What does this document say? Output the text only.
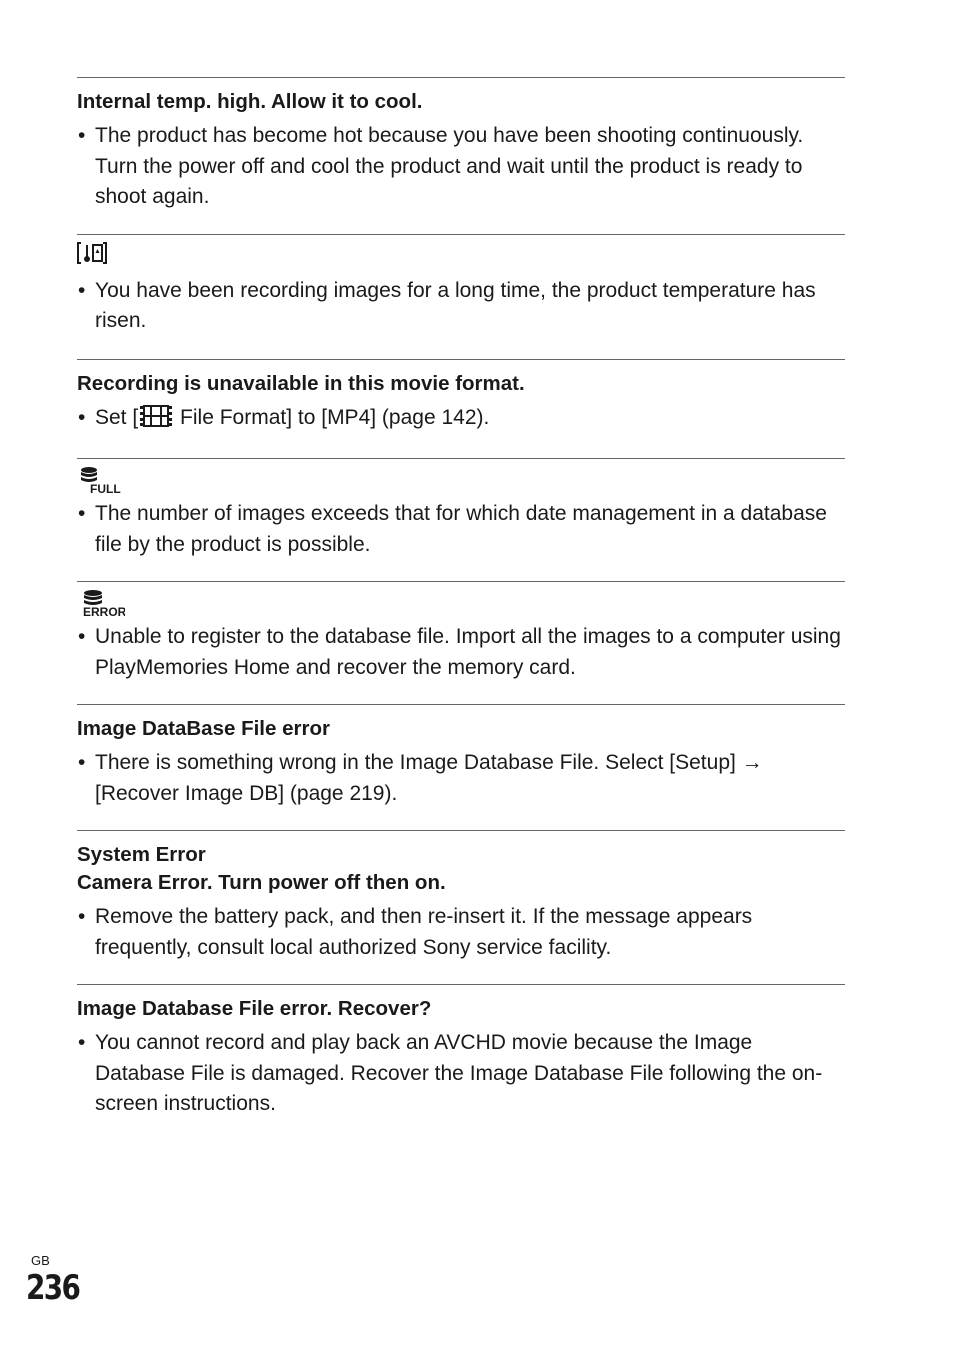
Internal temp. high. Allow it to cool.
• The product has become hot because you have been shooting continuously.
Turn the power off and cool the product and wait until the product is ready to shoot again.
• You have been recording images for a long time, the product temperature has risen.
Recording is unavailable in this movie format.
• Set [ File Format] to [MP4] (page 142).
FULL
• The number of images exceeds that for which date management in a database file by the product is possible.
ERROR
• Unable to register to the database file. Import all the images to a computer using PlayMemories Home and recover the memory card.
Image DataBase File error
• There is something wrong in the Image Database File. Select [Setup] → [Recover Image DB] (page 219).
System Error
Camera Error. Turn power off then on.
• Remove the battery pack, and then re-insert it. If the message appears frequently, consult local authorized Sony service facility.
Image Database File error. Recover?
• You cannot record and play back an AVCHD movie because the Image Database File is damaged. Recover the Image Database File following the on-screen instructions.
GB
236
